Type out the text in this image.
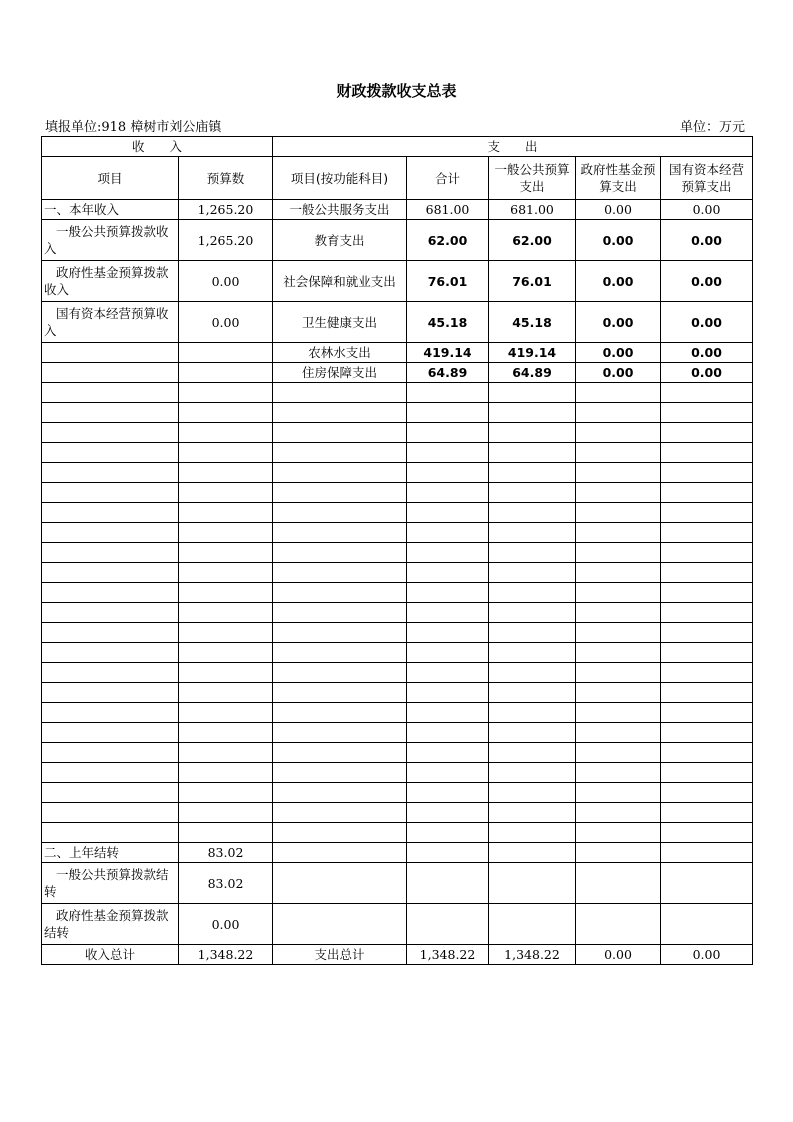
财政拨款收支总表
填报单位:918 樟树市刘公庙镇	单位：万元
收　　入		支　　出				
项目	预算数	项目(按功能科目)	合计	一般公共预算支出	政府性基金预算支出	国有资本经营预算支出
一、本年收入	1,265.20	一般公共服务支出	681.00	681.00	0.00	0.00
一般公共预算拨款收入	1,265.20	教育支出	62.00	62.00	0.00	0.00
政府性基金预算拨款收入	0.00	社会保障和就业支出	76.01	76.01	0.00	0.00
国有资本经营预算收入	0.00	卫生健康支出	45.18	45.18	0.00	0.00
		农林水支出	419.14	419.14	0.00	0.00
		住房保障支出	64.89	64.89	0.00	0.00

二、上年结转	83.02					
一般公共预算拨款结转	83.02					
政府性基金预算拨款结转	0.00					
收入总计	1,348.22	支出总计	1,348.22	1,348.22	0.00	0.00
